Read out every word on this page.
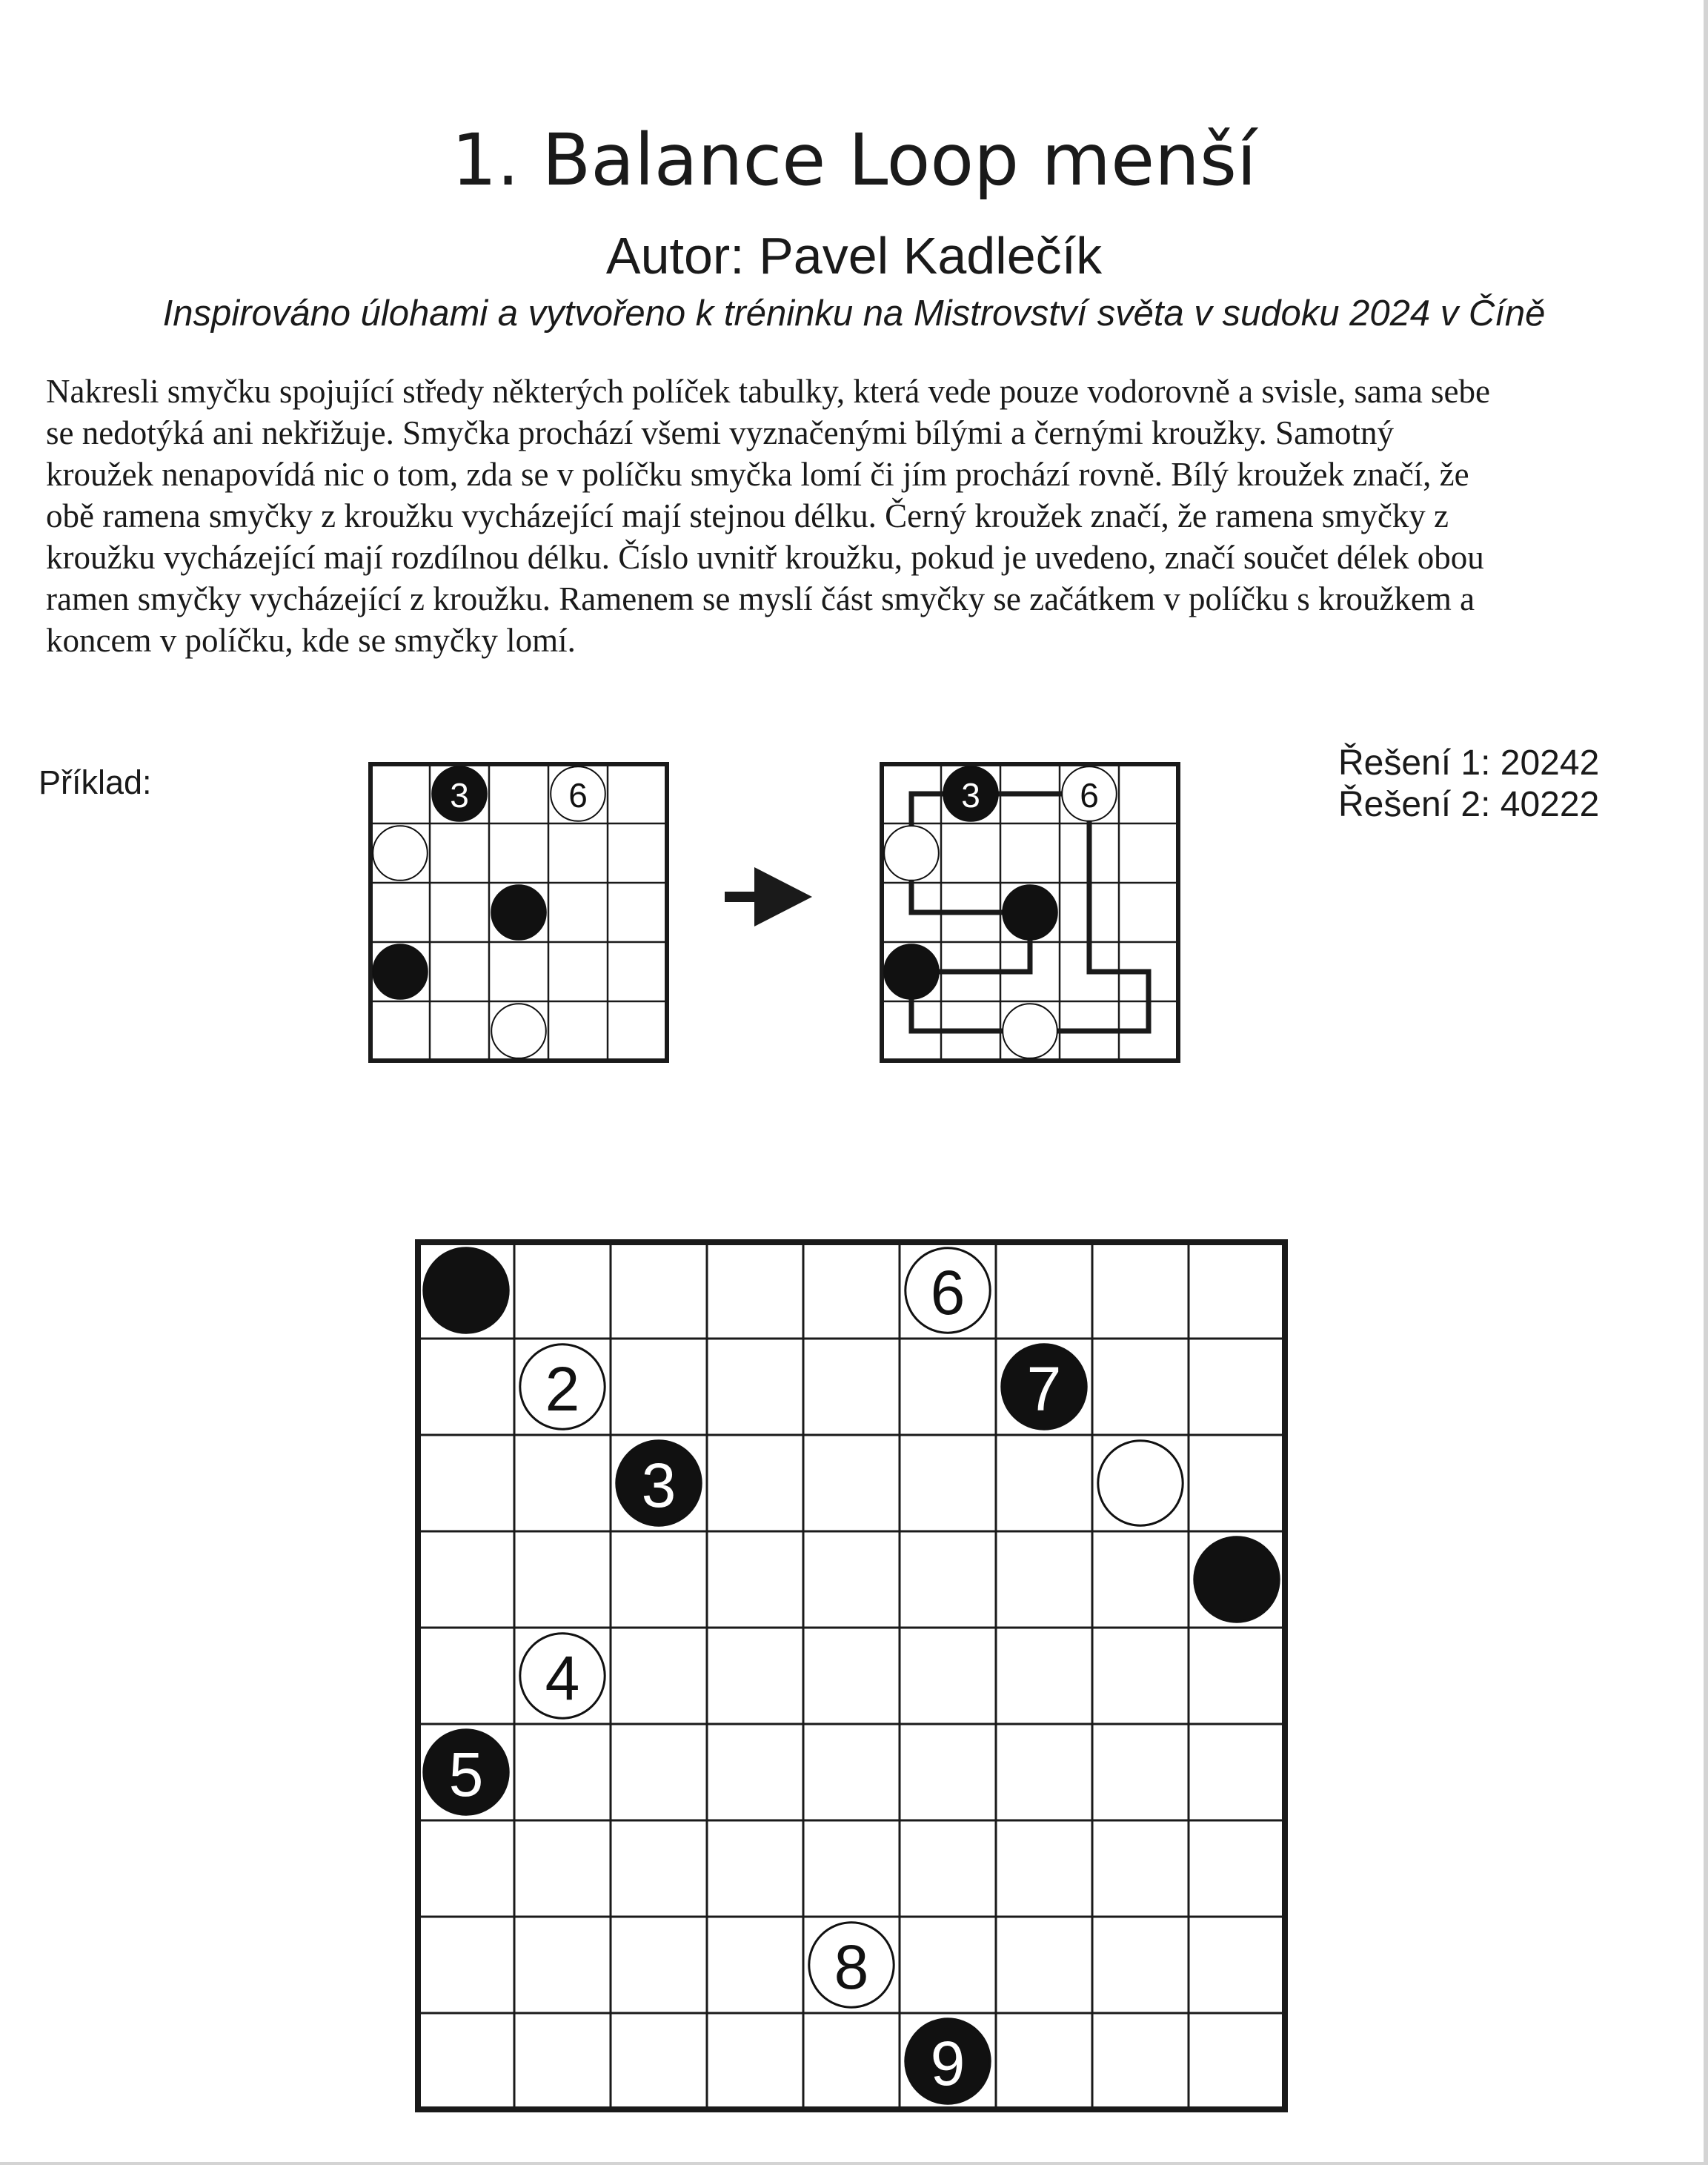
1. Balance Loop menší
Autor: Pavel Kadlečík
Inspirováno úlohami a vytvořeno k tréninku na Mistrovství světa v sudoku 2024 v Číně
Nakresli smyčku spojující středy některých políček tabulky, která vede pouze vodorovně a svisle, sama sebe
se nedotýká ani nekřižuje. Smyčka prochází všemi vyznačenými bílými a černými kroužky. Samotný
kroužek nenapovídá nic o tom, zda se v políčku smyčka lomí či jím prochází rovně. Bílý kroužek značí, že
obě ramena smyčky z kroužku vycházející mají stejnou délku. Černý kroužek značí, že ramena smyčky z
kroužku vycházející mají rozdílnou délku. Číslo uvnitř kroužku, pokud je uvedeno, značí součet délek obou
ramen smyčky vycházející z kroužku. Ramenem se myslí část smyčky se začátkem v políčku s kroužkem a
koncem v políčku, kde se smyčky lomí.
Příklad:	Řešení 1: 20242
Řešení 2: 40222
3	6	3	6
6
2	7
3
4
5
8
9
